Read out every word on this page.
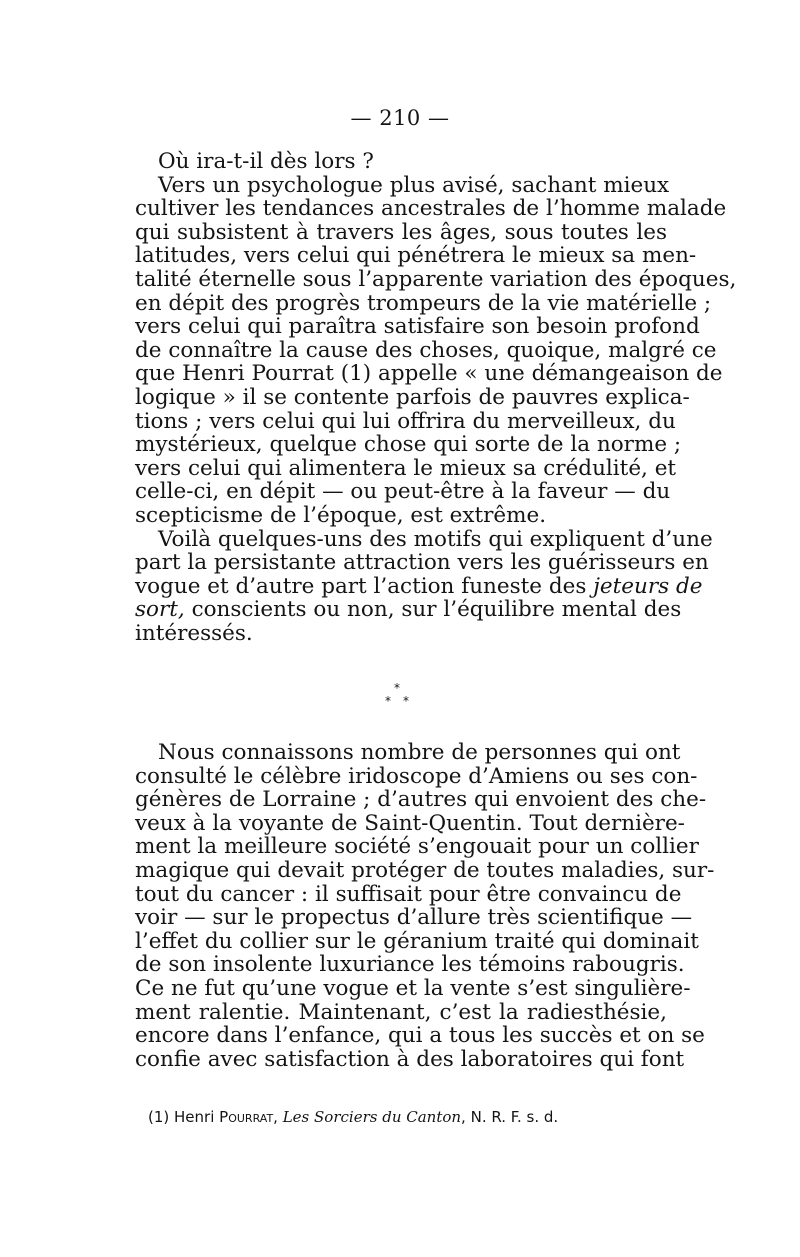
— 210 —
Où ira-t-il dès lors ?
Vers un psychologue plus avisé, sachant mieux
cultiver les tendances ancestrales de l’homme malade
qui subsistent à travers les âges, sous toutes les
latitudes, vers celui qui pénétrera le mieux sa men-
talité éternelle sous l’apparente variation des époques,
en dépit des progrès trompeurs de la vie matérielle ;
vers celui qui paraîtra satisfaire son besoin profond
de connaître la cause des choses, quoique, malgré ce
que Henri Pourrat (1) appelle « une démangeaison de
logique » il se contente parfois de pauvres explica-
tions ; vers celui qui lui offrira du merveilleux, du
mystérieux, quelque chose qui sorte de la norme ;
vers celui qui alimentera le mieux sa crédulité, et
celle-ci, en dépit — ou peut-être à la faveur — du
scepticisme de l’époque, est extrême.
Voilà quelques-uns des motifs qui expliquent d’une
part la persistante attraction vers les guérisseurs en
vogue et d’autre part l’action funeste des jeteurs de
sort, conscients ou non, sur l’équilibre mental des
intéressés.
*
* *
Nous connaissons nombre de personnes qui ont
consulté le célèbre iridoscope d’Amiens ou ses con-
génères de Lorraine ; d’autres qui envoient des che-
veux à la voyante de Saint-Quentin. Tout dernière-
ment la meilleure société s’engouait pour un collier
magique qui devait protéger de toutes maladies, sur-
tout du cancer : il suffisait pour être convaincu de
voir — sur le propectus d’allure très scientifique —
l’effet du collier sur le géranium traité qui dominait
de son insolente luxuriance les témoins rabougris.
Ce ne fut qu’une vogue et la vente s’est singulière-
ment ralentie. Maintenant, c’est la radiesthésie,
encore dans l’enfance, qui a tous les succès et on se
confie avec satisfaction à des laboratoires qui font
(1) Henri Pourrat, Les Sorciers du Canton, N. R. F. s. d.
